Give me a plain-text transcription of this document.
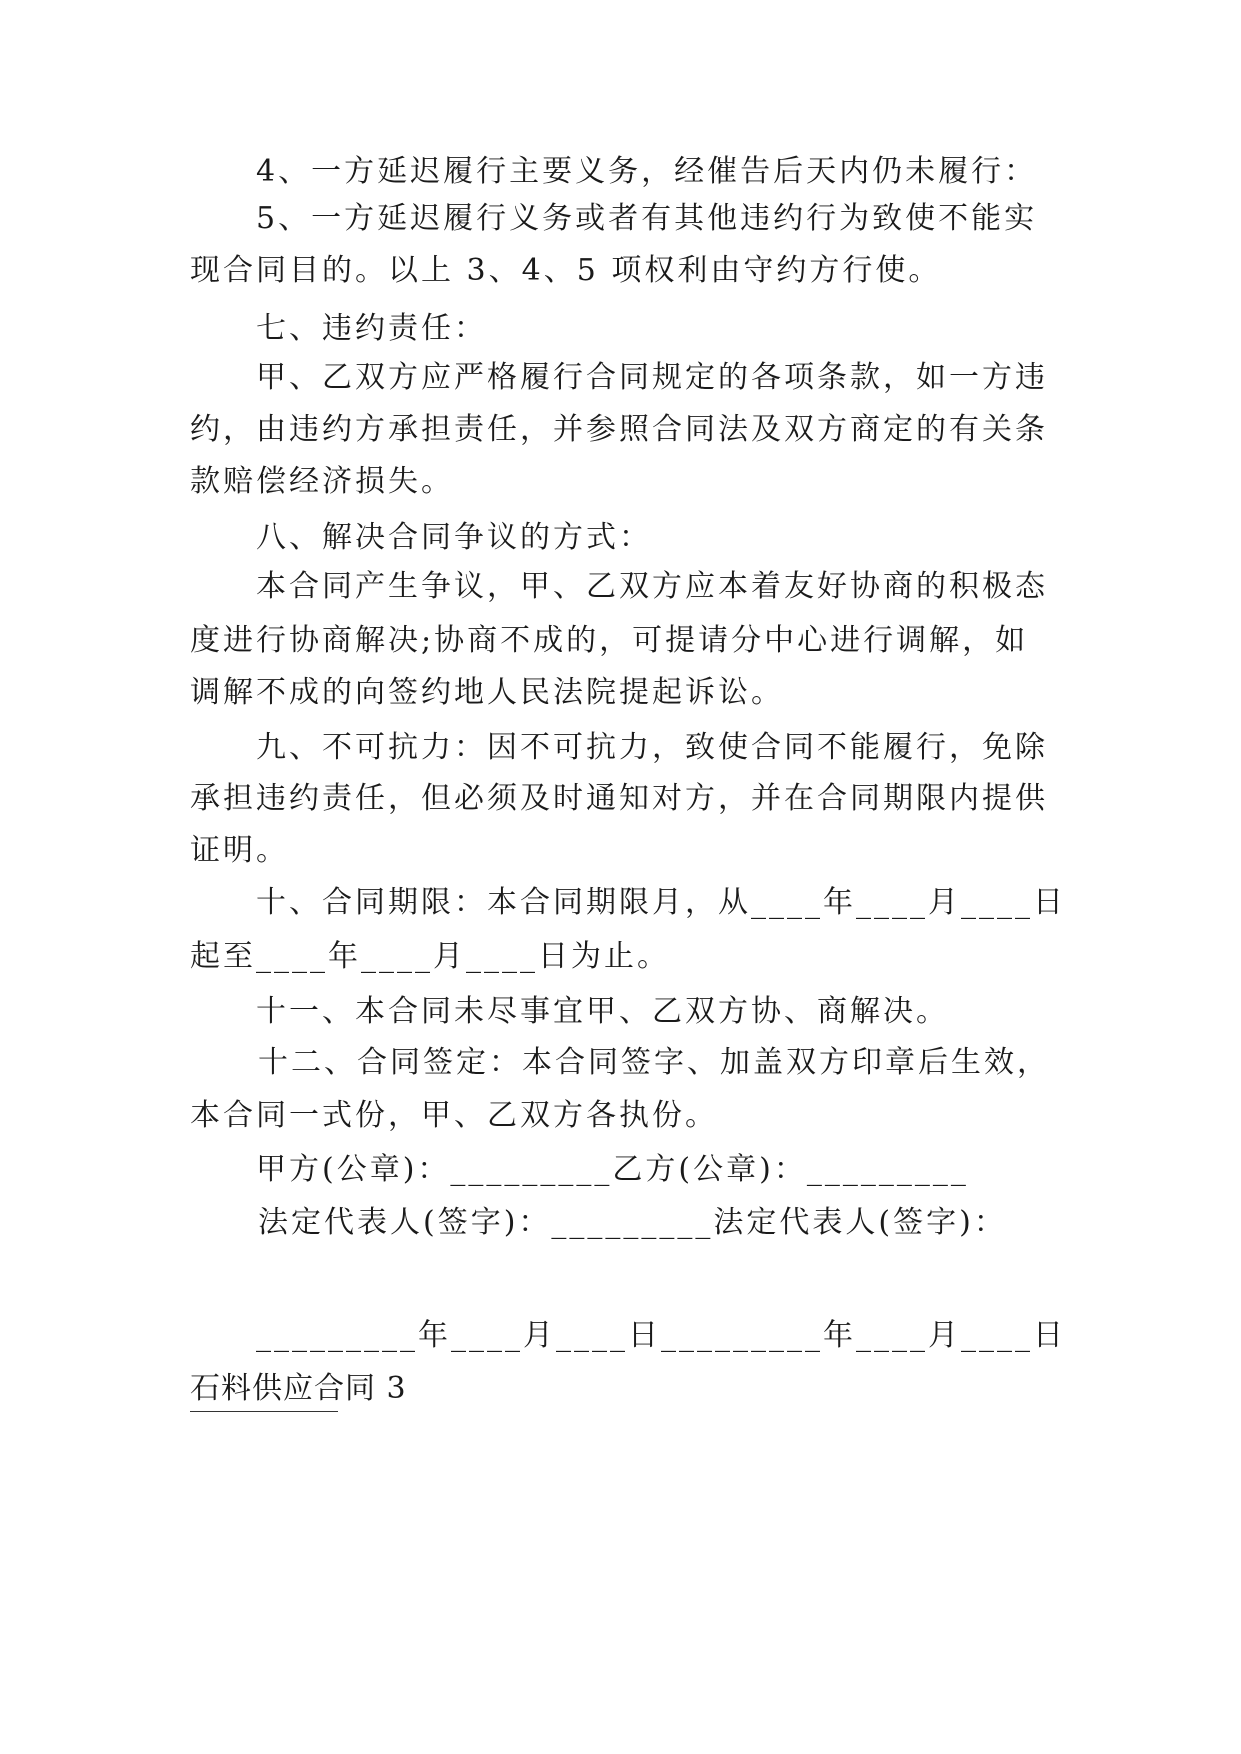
4、一方延迟履行主要义务，经催告后天内仍未履行：

5、一方延迟履行义务或者有其他违约行为致使不能实

现合同目的。以上 3、4、5 项权利由守约方行使。

七、违约责任：

甲、乙双方应严格履行合同规定的各项条款，如一方违

约，由违约方承担责任，并参照合同法及双方商定的有关条

款赔偿经济损失。

八、解决合同争议的方式：

本合同产生争议，甲、乙双方应本着友好协商的积极态

度进行协商解决;协商不成的，可提请分中心进行调解，如

调解不成的向签约地人民法院提起诉讼。

九、不可抗力：因不可抗力，致使合同不能履行，免除

承担违约责任，但必须及时通知对方，并在合同期限内提供

证明。

十、合同期限：本合同期限月，从____年____月____日

起至____年____月____日为止。

十一、本合同未尽事宜甲、乙双方协、商解决。

十二、合同签定：本合同签字、加盖双方印章后生效，

本合同一式份，甲、乙双方各执份。

甲方(公章)：_________乙方(公章)：_________

法定代表人(签字)：_________法定代表人(签字)：

_________年____月____日_________年____月____日

石料供应合同 3
